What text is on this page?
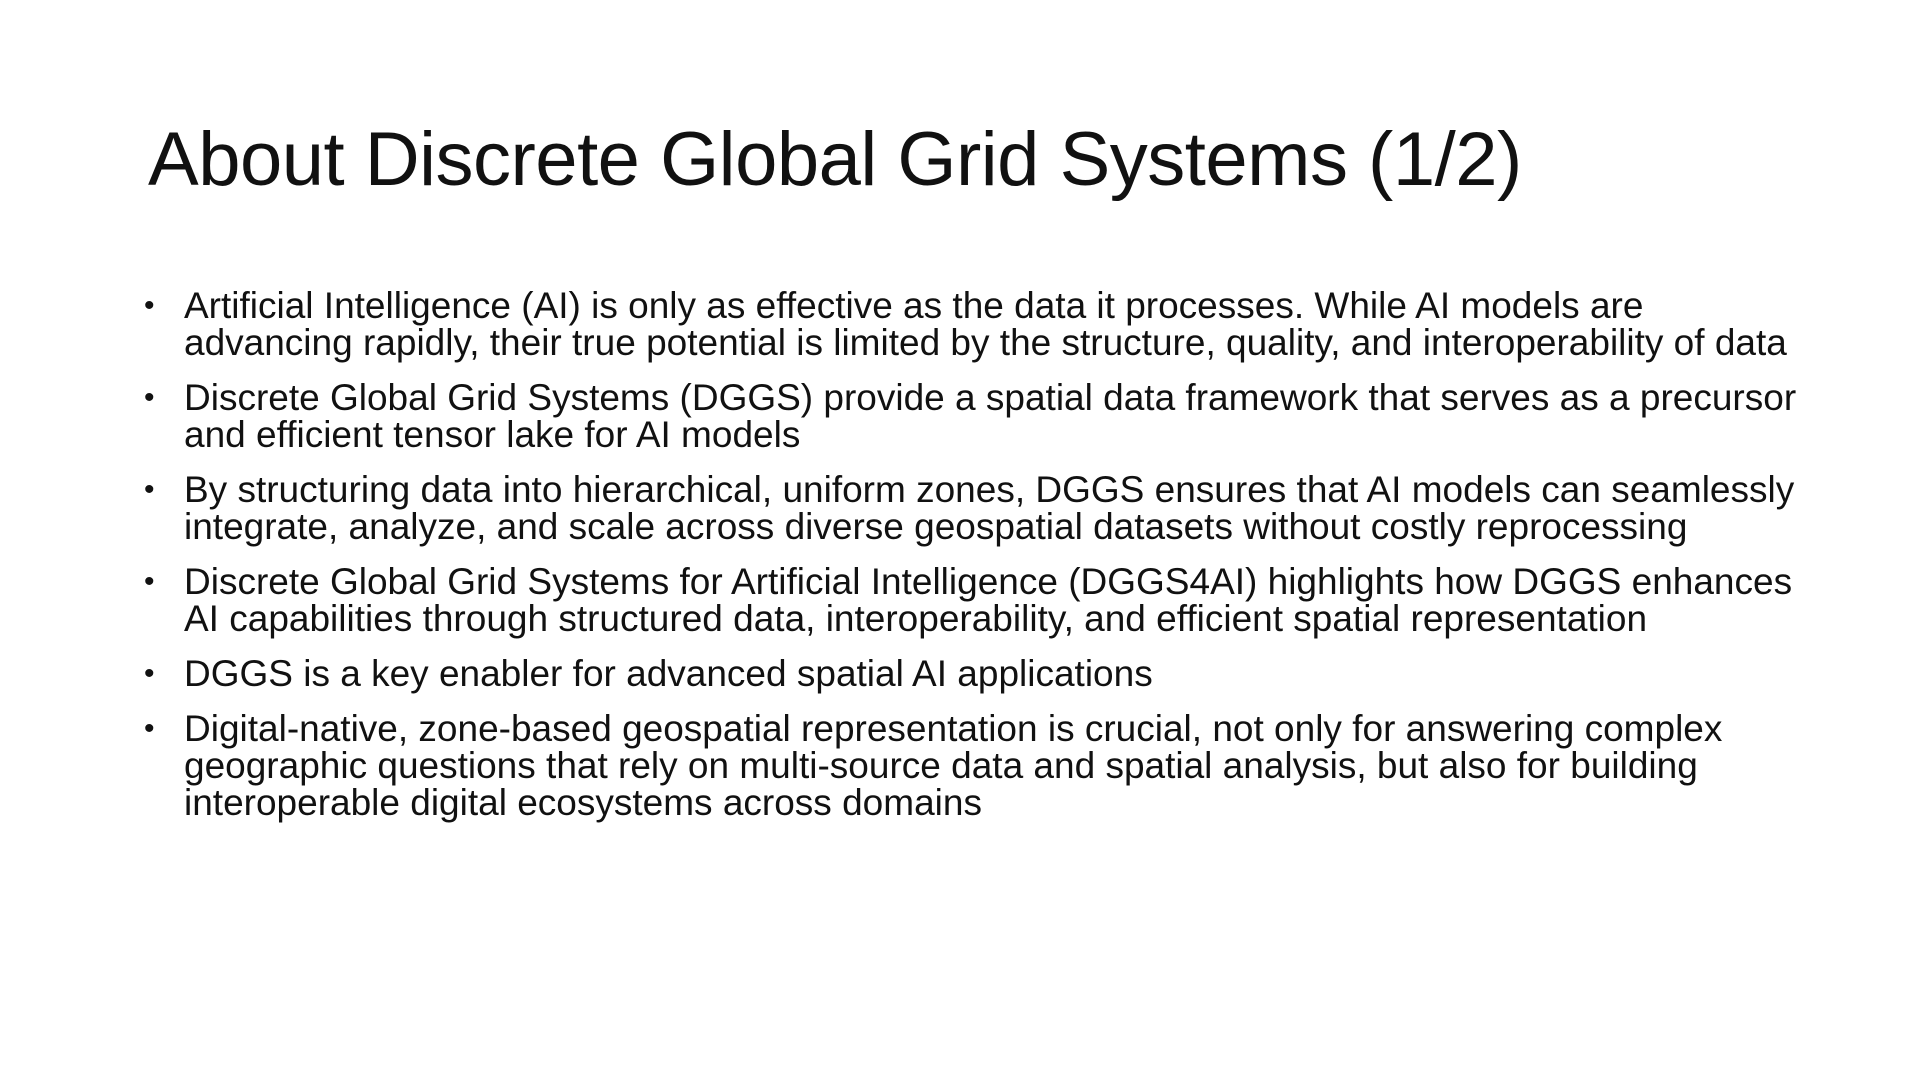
About Discrete Global Grid Systems (1/2)
• Artificial Intelligence (AI) is only as effective as the data it processes. While AI models are advancing rapidly, their true potential is limited by the structure, quality, and interoperability of data
• Discrete Global Grid Systems (DGGS) provide a spatial data framework that serves as a precursor and efficient tensor lake for AI models
• By structuring data into hierarchical, uniform zones, DGGS ensures that AI models can seamlessly integrate, analyze, and scale across diverse geospatial datasets without costly reprocessing
• Discrete Global Grid Systems for Artificial Intelligence (DGGS4AI) highlights how DGGS enhances AI capabilities through structured data, interoperability, and efficient spatial representation
• DGGS is a key enabler for advanced spatial AI applications
• Digital-native, zone-based geospatial representation is crucial, not only for answering complex geographic questions that rely on multi-source data and spatial analysis, but also for building interoperable digital ecosystems across domains
